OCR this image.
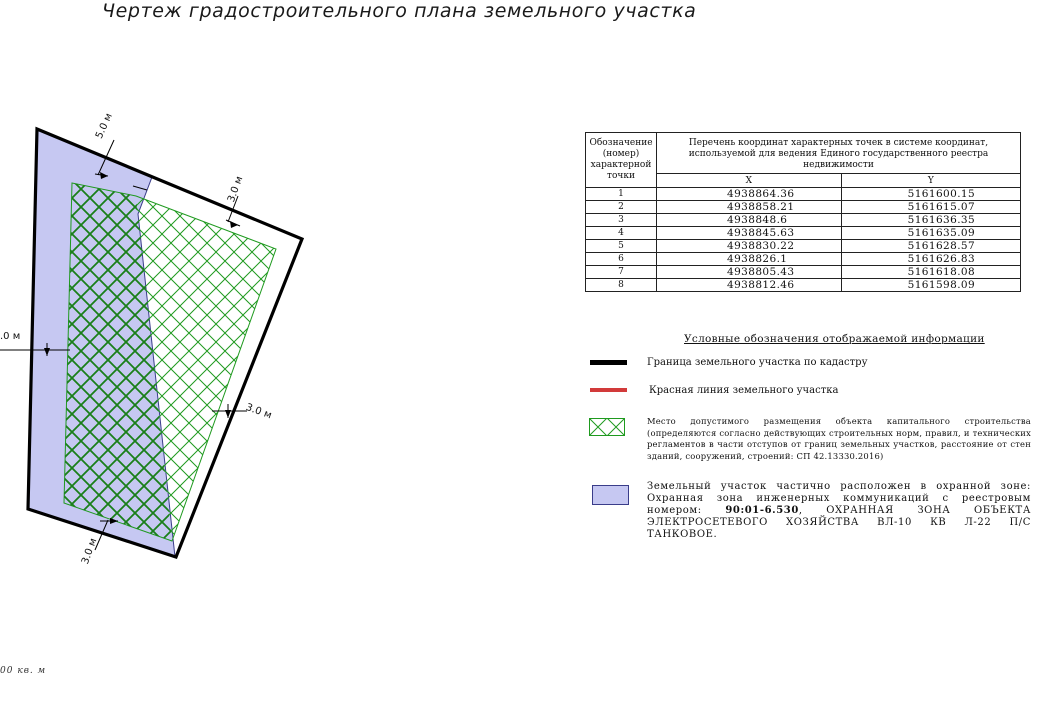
Чертеж градостроительного плана земельного участка
5.0 м
3.0 м
.0 м
3.0 м
3.0 м
Обозначение (номер) характерной точки	Перечень координат характерных точек в системе координат, используемой для ведения Единого государственного реестра недвижимости	
	X	Y
1	4938864.36	5161600.15
2	4938858.21	5161615.07
3	4938848.6	5161636.35
4	4938845.63	5161635.09
5	4938830.22	5161628.57
6	4938826.1	5161626.83
7	4938805.43	5161618.08
8	4938812.46	5161598.09
Условные обозначения отображаемой информации
Граница земельного участка по кадастру
Красная линия земельного участка
Место допустимого размещения объекта капитального строительства (определяются согласно действующих строительных норм, правил, и технических регламентов в части отступов от границ земельных участков, расстояние от стен зданий, сооружений, строений: СП 42.13330.2016)
Земельный участок частично расположен в охранной зоне: Охранная зона инженерных коммуникаций с реестровым номером: 90:01-6.530, ОХРАННАЯ ЗОНА ОБЪЕКТА ЭЛЕКТРОСЕТЕВОГО ХОЗЯЙСТВА ВЛ-10 КВ Л-22 П/С ТАНКОВОЕ.
00 кв. м
